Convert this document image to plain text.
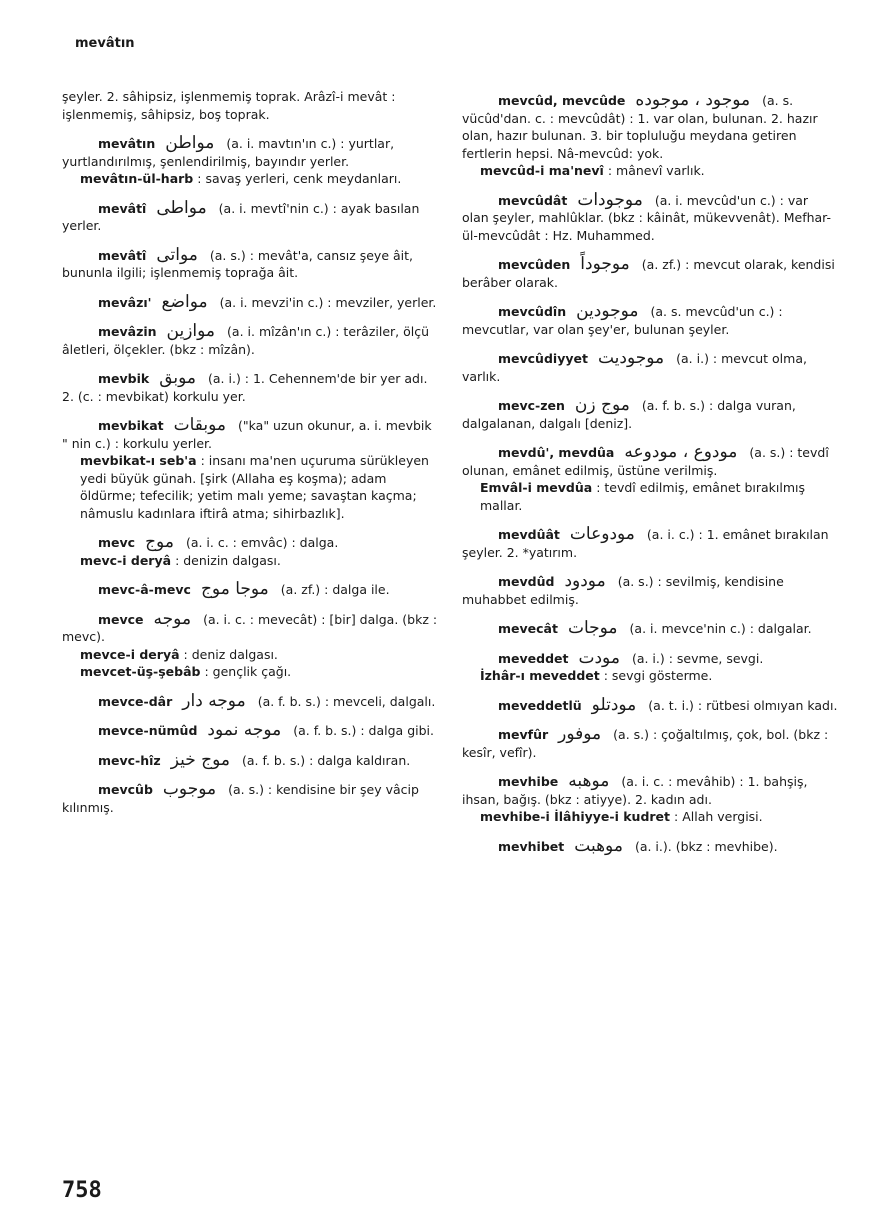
mevâtın
şeyler. 2. sâhipsiz, işlenmemiş toprak. Arâzî-i mevât : işlenmemiş, sâhipsiz, boş toprak.
mevâtın مواطن (a. i. mavtın'ın c.) : yurtlar, yurtlandırılmış, şenlendirilmiş, bayındır yerler.
mevâtın-ül-harb : savaş yerleri, cenk meydanları.
mevâtî مواطى (a. i. mevtî'nin c.) : ayak basılan yerler.
mevâtî مواتى (a. s.) : mevât'a, cansız şeye âit, bununla ilgili; işlenmemiş toprağa âit.
mevâzı' مواضع (a. i. mevzi'in c.) : mevziler, yerler.
mevâzin موازين (a. i. mîzân'ın c.) : terâziler, ölçü âletleri, ölçekler. (bkz : mîzân).
mevbik موبق (a. i.) : 1. Cehennem'de bir yer adı. 2. (c. : mevbikat) korkulu yer.
mevbikat موبقات ("ka" uzun okunur, a. i. mevbik " nin c.) : korkulu yerler.
mevbikat-ı seb'a : insanı ma'nen uçuruma sürükleyen yedi büyük günah. [şirk (Allaha eş koşma); adam öldürme; tefecilik; yetim malı yeme; savaştan kaçma; nâmuslu kadınlara iftirâ atma; sihirbazlık].
mevc موج (a. i. c. : emvâc) : dalga.
mevc-i deryâ : denizin dalgası.
mevc-â-mevc موجا موج (a. zf.) : dalga ile.
mevce موجه (a. i. c. : mevecât) : [bir] dalga. (bkz : mevc).
mevce-i deryâ : deniz dalgası.
mevcet-üş-şebâb : gençlik çağı.
mevce-dâr موجه دار (a. f. b. s.) : mevceli, dalgalı.
mevce-nümûd موجه نمود (a. f. b. s.) : dalga gibi.
mevc-hîz موج خيز (a. f. b. s.) : dalga kaldıran.
mevcûb موجوب (a. s.) : kendisine bir şey vâcip kılınmış.
mevcûd, mevcûde موجود ، موجوده (a. s. vücûd'dan. c. : mevcûdât) : 1. var olan, bulunan. 2. hazır olan, hazır bulunan. 3. bir topluluğu meydana getiren fertlerin hepsi. Nâ-mevcûd: yok.
mevcûd-i ma'nevî : mânevî varlık.
mevcûdât موجودات (a. i. mevcûd'un c.) : var olan şeyler, mahlûklar. (bkz : kâinât, mükevvenât). Mefhar-ül-mevcûdât : Hz. Muhammed.
mevcûden موجوداً (a. zf.) : mevcut olarak, kendisi berâber olarak.
mevcûdîn موجودين (a. s. mevcûd'un c.) : mevcutlar, var olan şey'er, bulunan şeyler.
mevcûdiyyet موجوديت (a. i.) : mevcut olma, varlık.
mevc-zen موج زن (a. f. b. s.) : dalga vuran, dalgalanan, dalgalı [deniz].
mevdû', mevdûa مودوع ، مودوعه (a. s.) : tevdî olunan, emânet edilmiş, üstüne verilmiş.
Emvâl-i mevdûa : tevdî edilmiş, emânet bırakılmış mallar.
mevdûât مودوعات (a. i. c.) : 1. emânet bırakılan şeyler. 2. *yatırım.
mevdûd مودود (a. s.) : sevilmiş, kendisine muhabbet edilmiş.
mevecât موجات (a. i. mevce'nin c.) : dalgalar.
meveddet مودت (a. i.) : sevme, sevgi.
İzhâr-ı meveddet : sevgi gösterme.
meveddetlü مودتلو (a. t. i.) : rütbesi olmıyan kadı.
mevfûr موفور (a. s.) : çoğaltılmış, çok, bol. (bkz : kesîr, vefîr).
mevhibe موهبه (a. i. c. : mevâhib) : 1. bahşiş, ihsan, bağış. (bkz : atiyye). 2. kadın adı.
mevhibe-i İlâhiyye-i kudret : Allah vergisi.
mevhibet موهبت (a. i.). (bkz : mevhibe).
758
